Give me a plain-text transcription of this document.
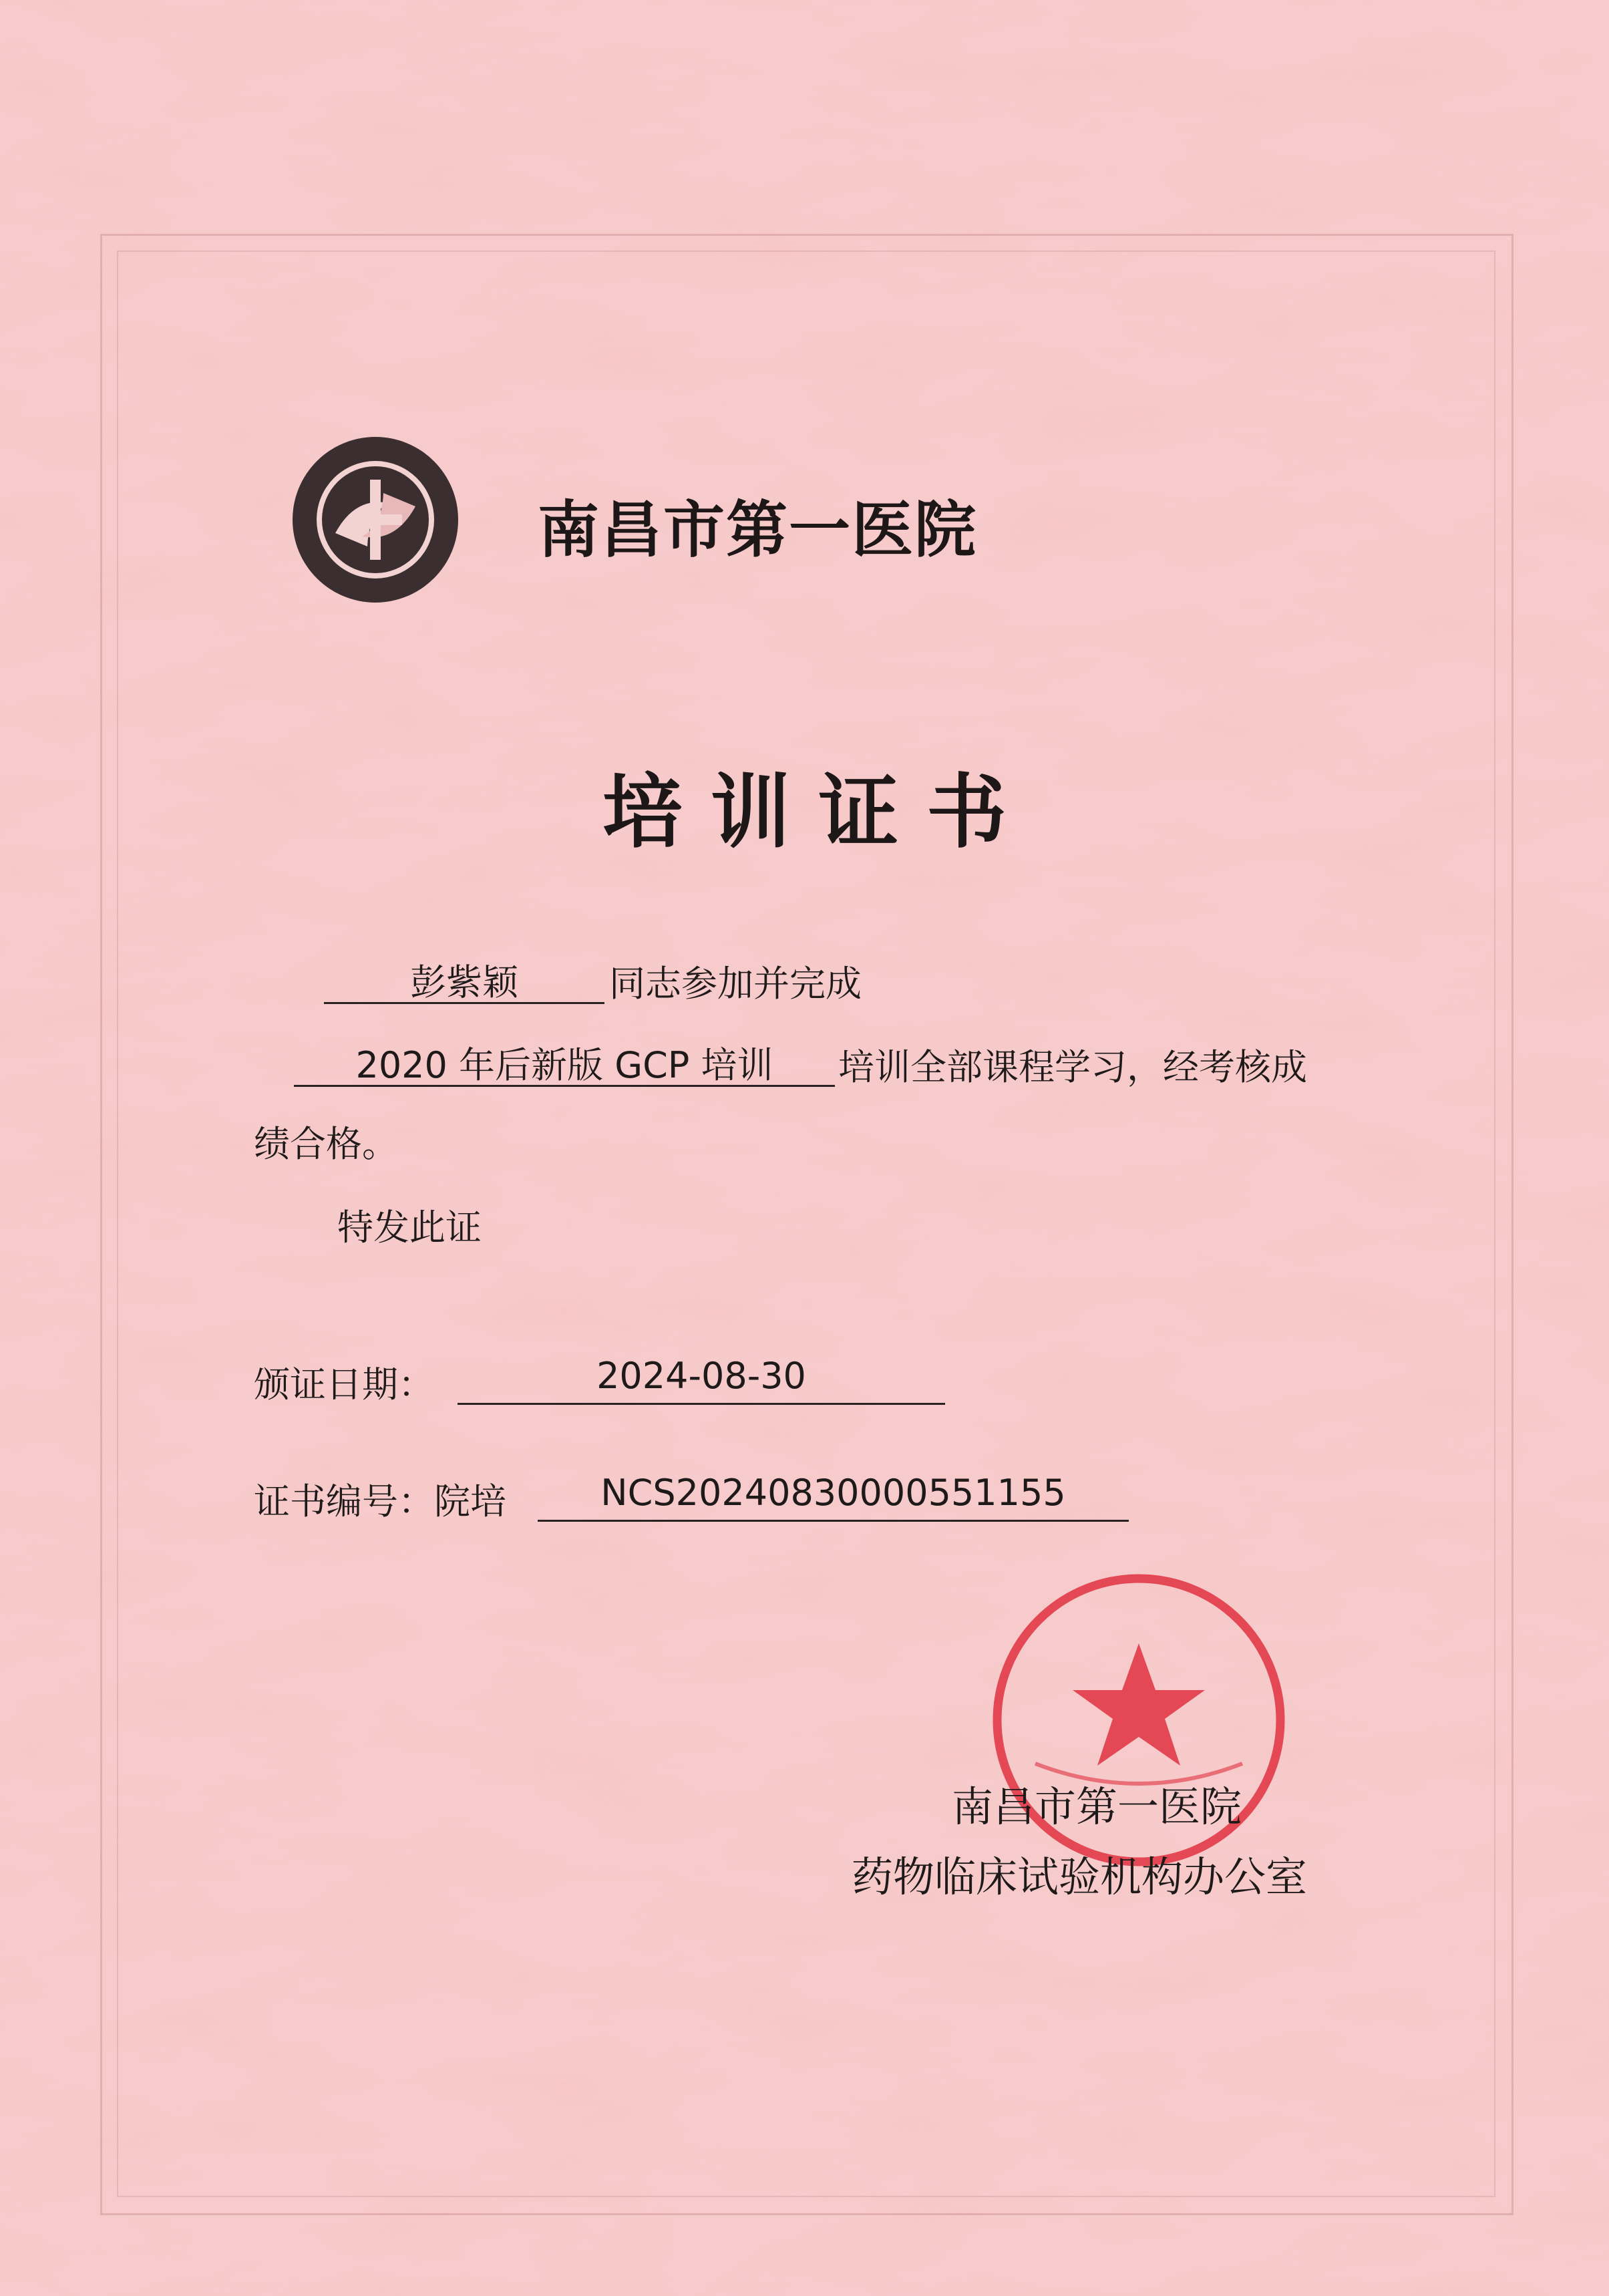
南昌市第一医院
培 训 证 书
彭紫颖	同志参加并完成
2020 年后新版 GCP 培训	培训全部课程学习，经考核成
绩合格。
特发此证
颁证日期：	2024-08-30
证书编号：院培	NCS20240830000551155
南昌市第一医院
药物临床试验机构办公室
